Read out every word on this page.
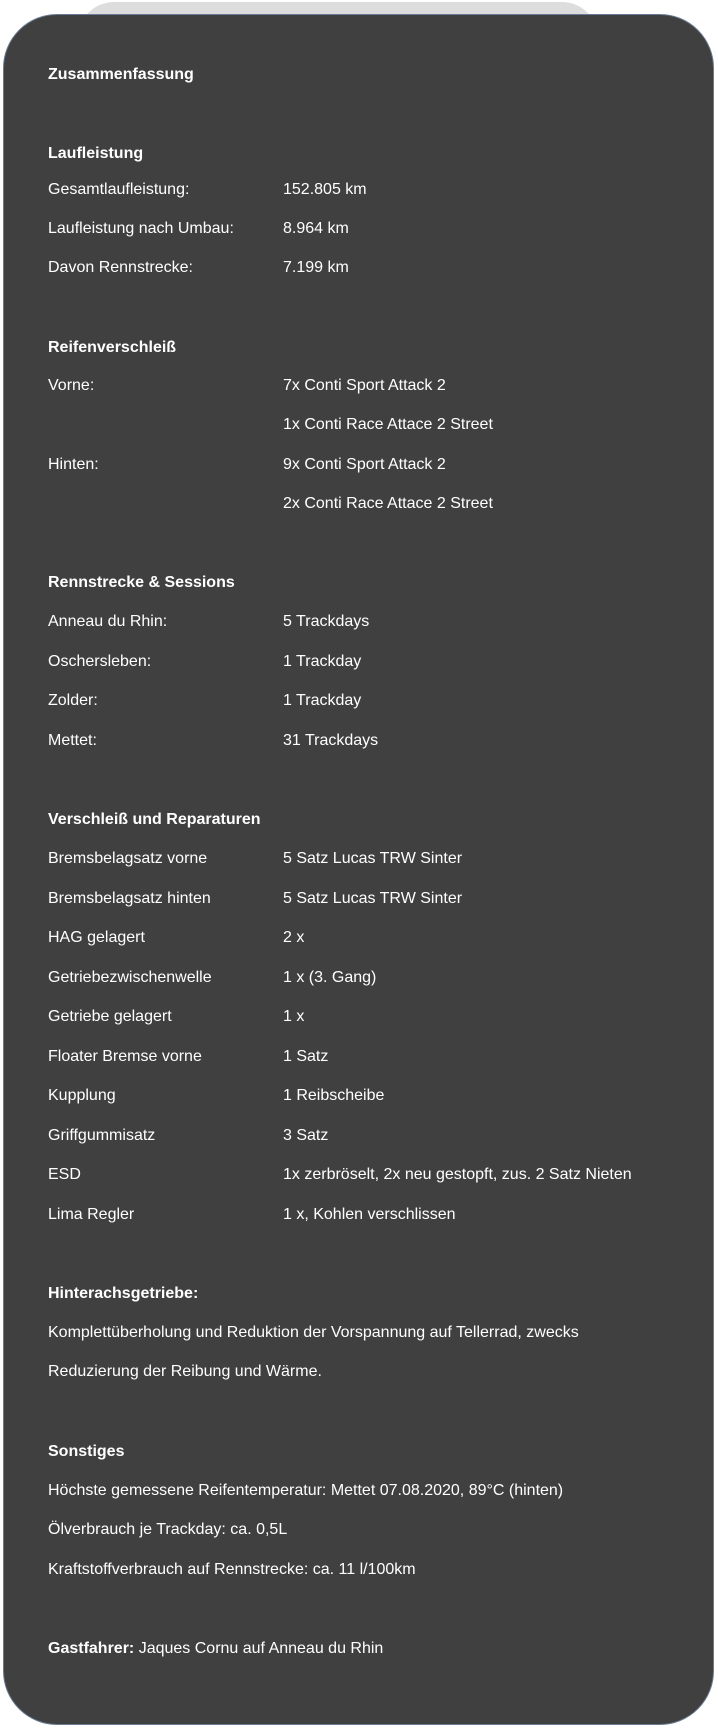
Zusammenfassung
Laufleistung
Gesamtlaufleistung:	152.805 km
Laufleistung nach Umbau:	8.964 km
Davon Rennstrecke:	7.199 km
Reifenverschleiß
Vorne:	7x Conti Sport Attack 2
1x Conti Race Attace 2 Street
Hinten:	9x Conti Sport Attack 2
2x Conti Race Attace 2 Street
Rennstrecke & Sessions
Anneau du Rhin:	5 Trackdays
Oschersleben:	1 Trackday
Zolder:	1 Trackday
Mettet:	31 Trackdays
Verschleiß und Reparaturen
Bremsbelagsatz vorne	5 Satz Lucas TRW Sinter
Bremsbelagsatz hinten	5 Satz Lucas TRW Sinter
HAG gelagert	2 x
Getriebezwischenwelle	1 x (3. Gang)
Getriebe gelagert	1 x
Floater Bremse vorne	1 Satz
Kupplung	1 Reibscheibe
Griffgummisatz	3 Satz
ESD	1x zerbröselt, 2x neu gestopft, zus. 2 Satz Nieten
Lima Regler	1 x, Kohlen verschlissen
Hinterachsgetriebe:
Komplettüberholung und Reduktion der Vorspannung auf Tellerrad, zwecks
Reduzierung der Reibung und Wärme.
Sonstiges
Höchste gemessene Reifentemperatur: Mettet 07.08.2020, 89°C (hinten)
Ölverbrauch je Trackday: ca. 0,5L
Kraftstoffverbrauch auf Rennstrecke: ca. 11 l/100km
Gastfahrer: Jaques Cornu auf Anneau du Rhin
